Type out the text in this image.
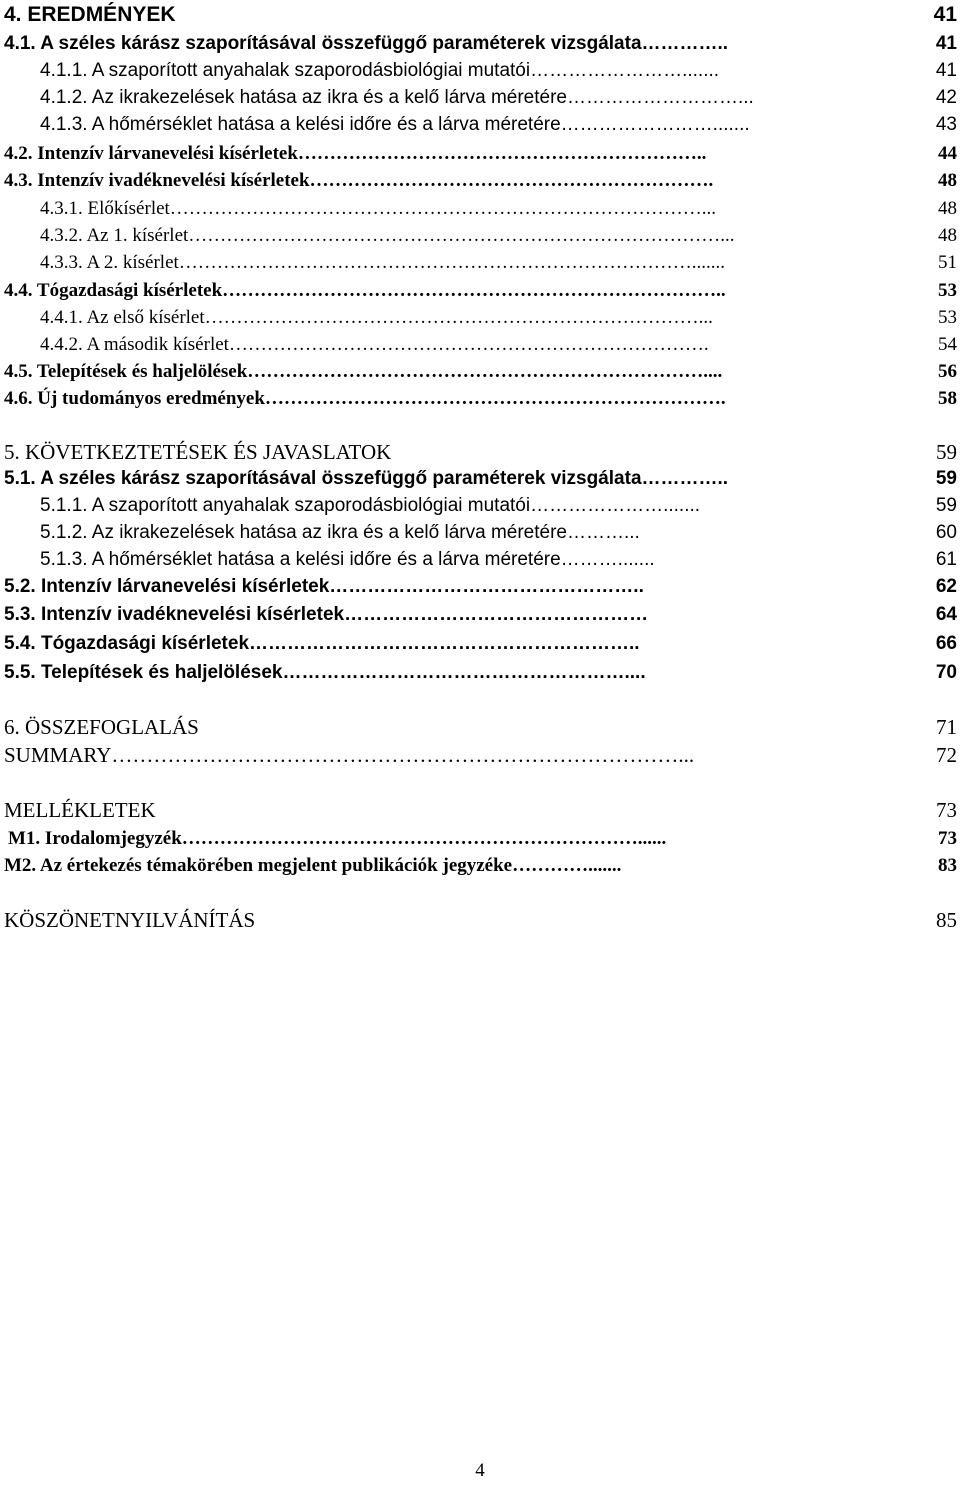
4. EREDMÉNYEK	41
4.1. A széles kárász szaporításával összefüggő paraméterek vizsgálata…………..	41
4.1.1. A szaporított anyahalak szaporodásbiológiai mutatói…………………….......	41
4.1.2. Az ikrakezelések hatása az ikra és a kelő lárva méretére………………………...	42
4.1.3. A hőmérséklet hatása a kelési időre és a lárva méretére…………………….......	43
4.2. Intenzív lárvanevelési kísérletek………………………………………………………..	44
4.3. Intenzív ivadéknevelési kísérletek……………………………………………………….	48
4.3.1. Előkísérlet…………………………………………………………………………...	48
4.3.2. Az 1. kísérlet…………………………………………………………………………...	48
4.3.3. A 2. kísérlet……………………………………………………………………….......	51
4.4. Tógazdasági kísérletek……………………………………………………………………..	53
4.4.1. Az első kísérlet……………………………………………………………………...	53
4.4.2. A második kísérlet………………………………………………………………….	54
4.5. Telepítések és haljelölések………………………………………………………………....	56
4.6. Új tudományos eredmények……………………………………………………………….	58
5. KÖVETKEZTETÉSEK ÉS JAVASLATOK	59
5.1. A széles kárász szaporításával összefüggő paraméterek vizsgálata…………..	59
5.1.1. A szaporított anyahalak szaporodásbiológiai mutatói………………….......	59
5.1.2. Az ikrakezelések hatása az ikra és a kelő lárva méretére………...	60
5.1.3. A hőmérséklet hatása a kelési időre és a lárva méretére……….......	61
5.2. Intenzív lárvanevelési kísérletek…………………………………………..	62
5.3. Intenzív ivadéknevelési kísérletek…………………………………………	64
5.4. Tógazdasági kísérletek……………………………………………………..	66
5.5. Telepítések és haljelölések………………………………………………....	70
6. ÖSSZEFOGLALÁS	71
SUMMARY………………………………………………………………………...	72
MELLÉKLETEK	73
M1. Irodalomjegyzék………………………………………………………………......	73
M2. Az értekezés témakörében megjelent publikációk jegyzéke………….......	83
KÖSZÖNETNYILVÁNÍTÁS	85
4
